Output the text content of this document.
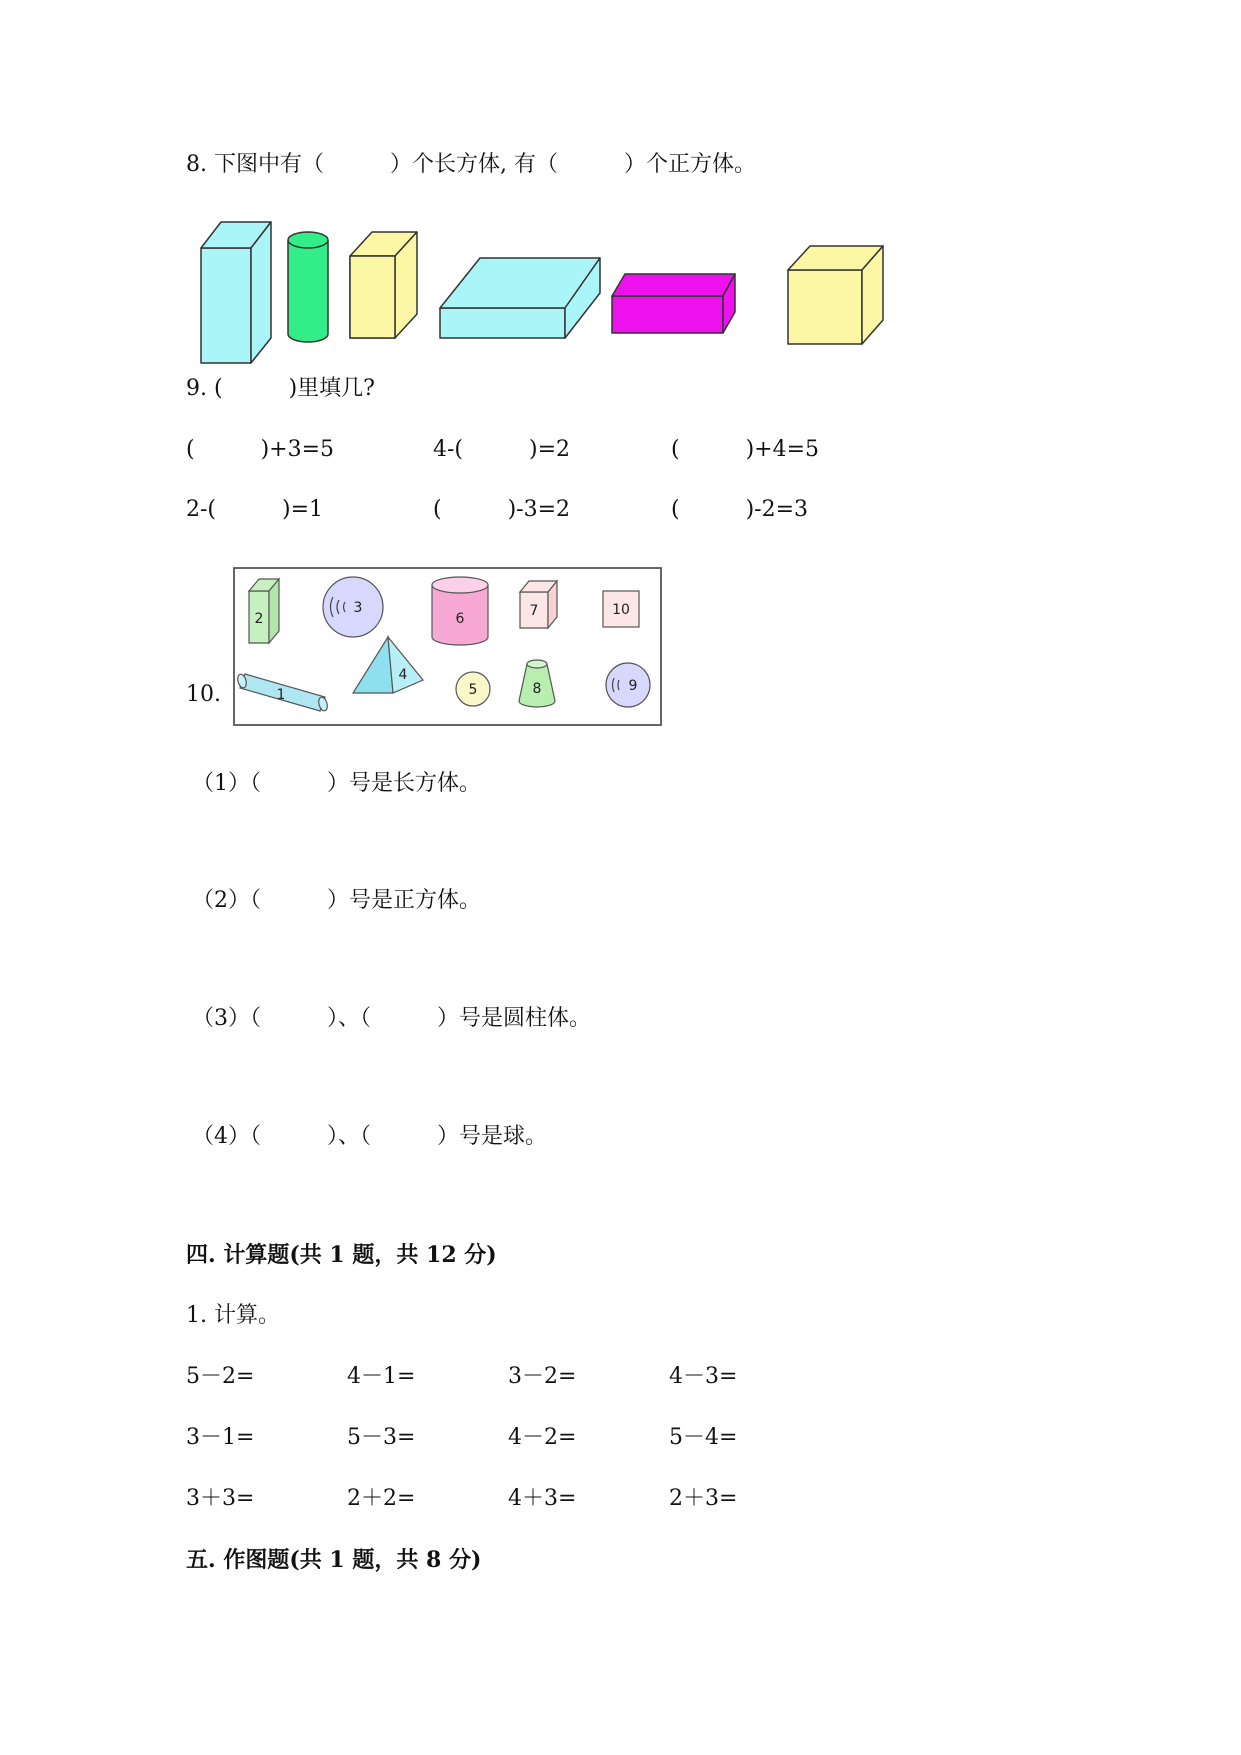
8. 下图中有（　　　）个长方体, 有（　　　）个正方体。
9. (　　　)里填几?
(　　　)+3=5	4-(　　　)=2	(　　　)+4=5
2-(　　　)=1	(　　　)-3=2	(　　　)-2=3
10.
2
3
6	7	10
1
4
5	8	9
（1）（　　　）号是长方体。
（2）（　　　）号是正方体。
（3）（　　　）、（　　　）号是圆柱体。
（4）（　　　）、（　　　）号是球。
四. 计算题(共 1 题，共 12 分)
1. 计算。
5－2=	4－1=	3－2=	4－3=
3－1=	5－3=	4－2=	5－4=
3＋3=	2＋2=	4＋3=	2＋3=
五. 作图题(共 1 题，共 8 分)
